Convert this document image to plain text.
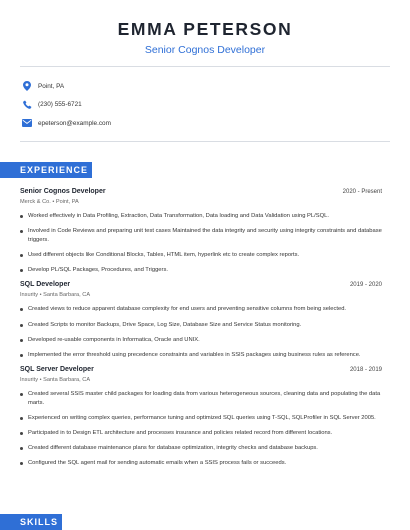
EMMA PETERSON
Senior Cognos Developer
Point, PA
(230) 555-6721
epeterson@example.com
EXPERIENCE
Senior Cognos Developer	2020 - Present
Merck & Co. • Point, PA
Worked effectively in Data Profiling, Extraction, Data Transformation, Data loading and Data Validation using PL/SQL.
Involved in Code Reviews and preparing unit test cases Maintained the data integrity and security using integrity constraints and database triggers.
Used different objects like Conditional Blocks, Tables, HTML item, hyperlink etc to create complex reports.
Develop PL/SQL Packages, Procedures, and Triggers.
SQL Developer	2019 - 2020
Insurity • Santa Barbara, CA
Created views to reduce apparent database complexity for end users and preventing sensitive columns from being selected.
Created Scripts to monitor Backups, Drive Space, Log Size, Database Size and Service Status monitoring.
Developed re-usable components in Informatica, Oracle and UNIX.
Implemented the error threshold using precedence constraints and variables in SSIS packages using business rules as reference.
SQL Server Developer	2018 - 2019
Insurity • Santa Barbara, CA
Created several SSIS master child packages for loading data from various heterogeneous sources, cleaning data and populating the data marts.
Experienced on writing complex queries, performance tuning and optimized SQL queries using T-SQL, SQLProfiler in SQL Server 2005.
Participated in to Design ETL architecture and processes insurance and policies related record from different locations.
Created different database maintenance plans for database optimization, integrity checks and database backups.
Configured the SQL agent mail for sending automatic emails when a SSIS process fails or succeeds.
SKILLS
